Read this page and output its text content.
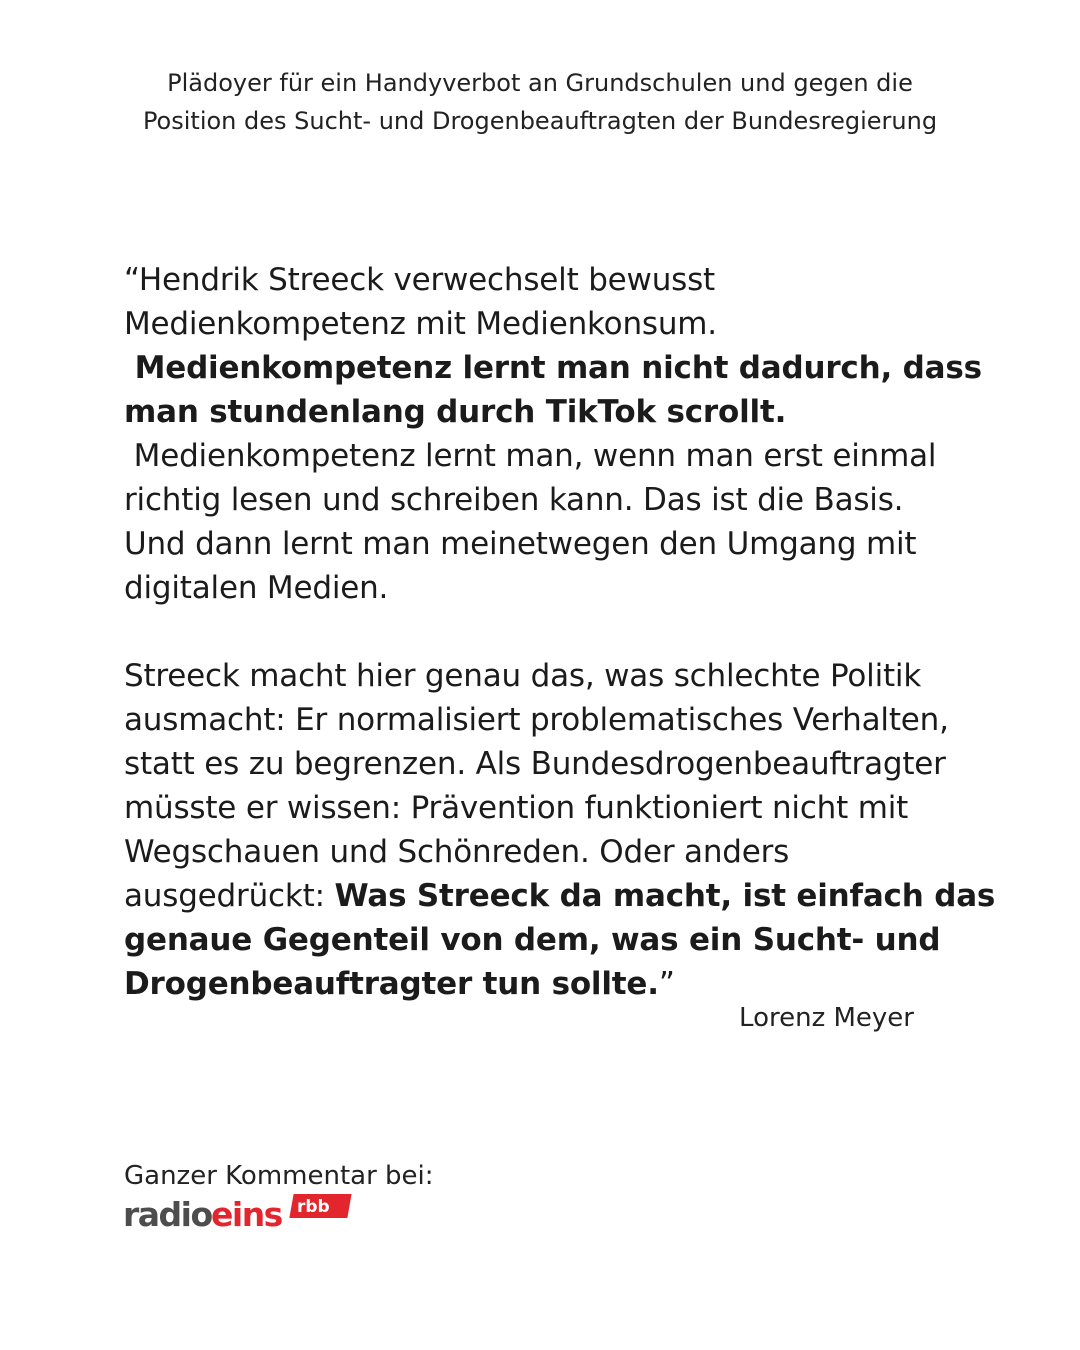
Plädoyer für ein Handyverbot an Grundschulen und gegen die
Position des Sucht- und Drogenbeauftragten der Bundesregierung
“Hendrik Streeck verwechselt bewusst
Medienkompetenz mit Medienkonsum.
Medienkompetenz lernt man nicht dadurch, dass
man stundenlang durch TikTok scrollt.
Medienkompetenz lernt man, wenn man erst einmal
richtig lesen und schreiben kann. Das ist die Basis.
Und dann lernt man meinetwegen den Umgang mit
digitalen Medien.
Streeck macht hier genau das, was schlechte Politik
ausmacht: Er normalisiert problematisches Verhalten,
statt es zu begrenzen. Als Bundesdrogenbeauftragter
müsste er wissen: Prävention funktioniert nicht mit
Wegschauen und Schönreden. Oder anders
ausgedrückt: Was Streeck da macht, ist einfach das
genaue Gegenteil von dem, was ein Sucht- und
Drogenbeauftragter tun sollte.”
Lorenz Meyer
Ganzer Kommentar bei:
radio eins rbb
